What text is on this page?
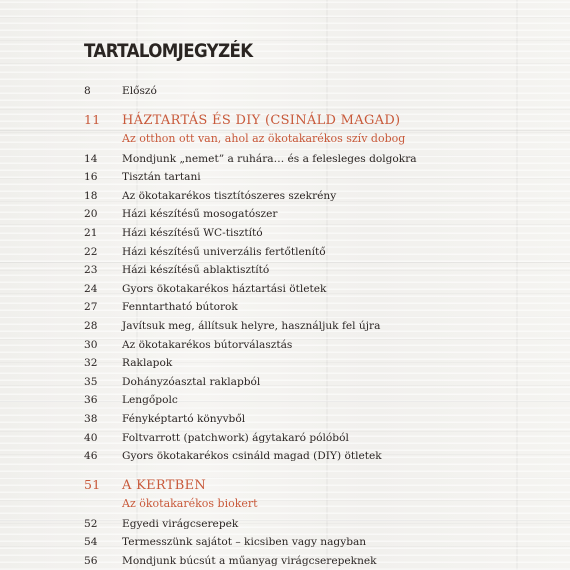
TARTALOMJEGYZÉK
8	Előszó
11	HÁZTARTÁS ÉS DIY (CSINÁLD MAGAD)
Az otthon ott van, ahol az ökotakarékos szív dobog
14	Mondjunk „nemet” a ruhára… és a felesleges dolgokra
16	Tisztán tartani
18	Az ökotakarékos tisztítószeres szekrény
20	Házi készítésű mosogatószer
21	Házi készítésű WC-tisztító
22	Házi készítésű univerzális fertőtlenítő
23	Házi készítésű ablaktisztító
24	Gyors ökotakarékos háztartási ötletek
27	Fenntartható bútorok
28	Javítsuk meg, állítsuk helyre, használjuk fel újra
30	Az ökotakarékos bútorválasztás
32	Raklapok
35	Dohányzóasztal raklapból
36	Lengőpolc
38	Fényképtartó könyvből
40	Foltvarrott (patchwork) ágytakaró pólóból
46	Gyors ökotakarékos csináld magad (DIY) ötletek
51	A KERTBEN
Az ökotakarékos biokert
52	Egyedi virágcserepek
54	Termesszünk sajátot – kicsiben vagy nagyban
56	Mondjunk búcsút a műanyag virágcserepeknek
